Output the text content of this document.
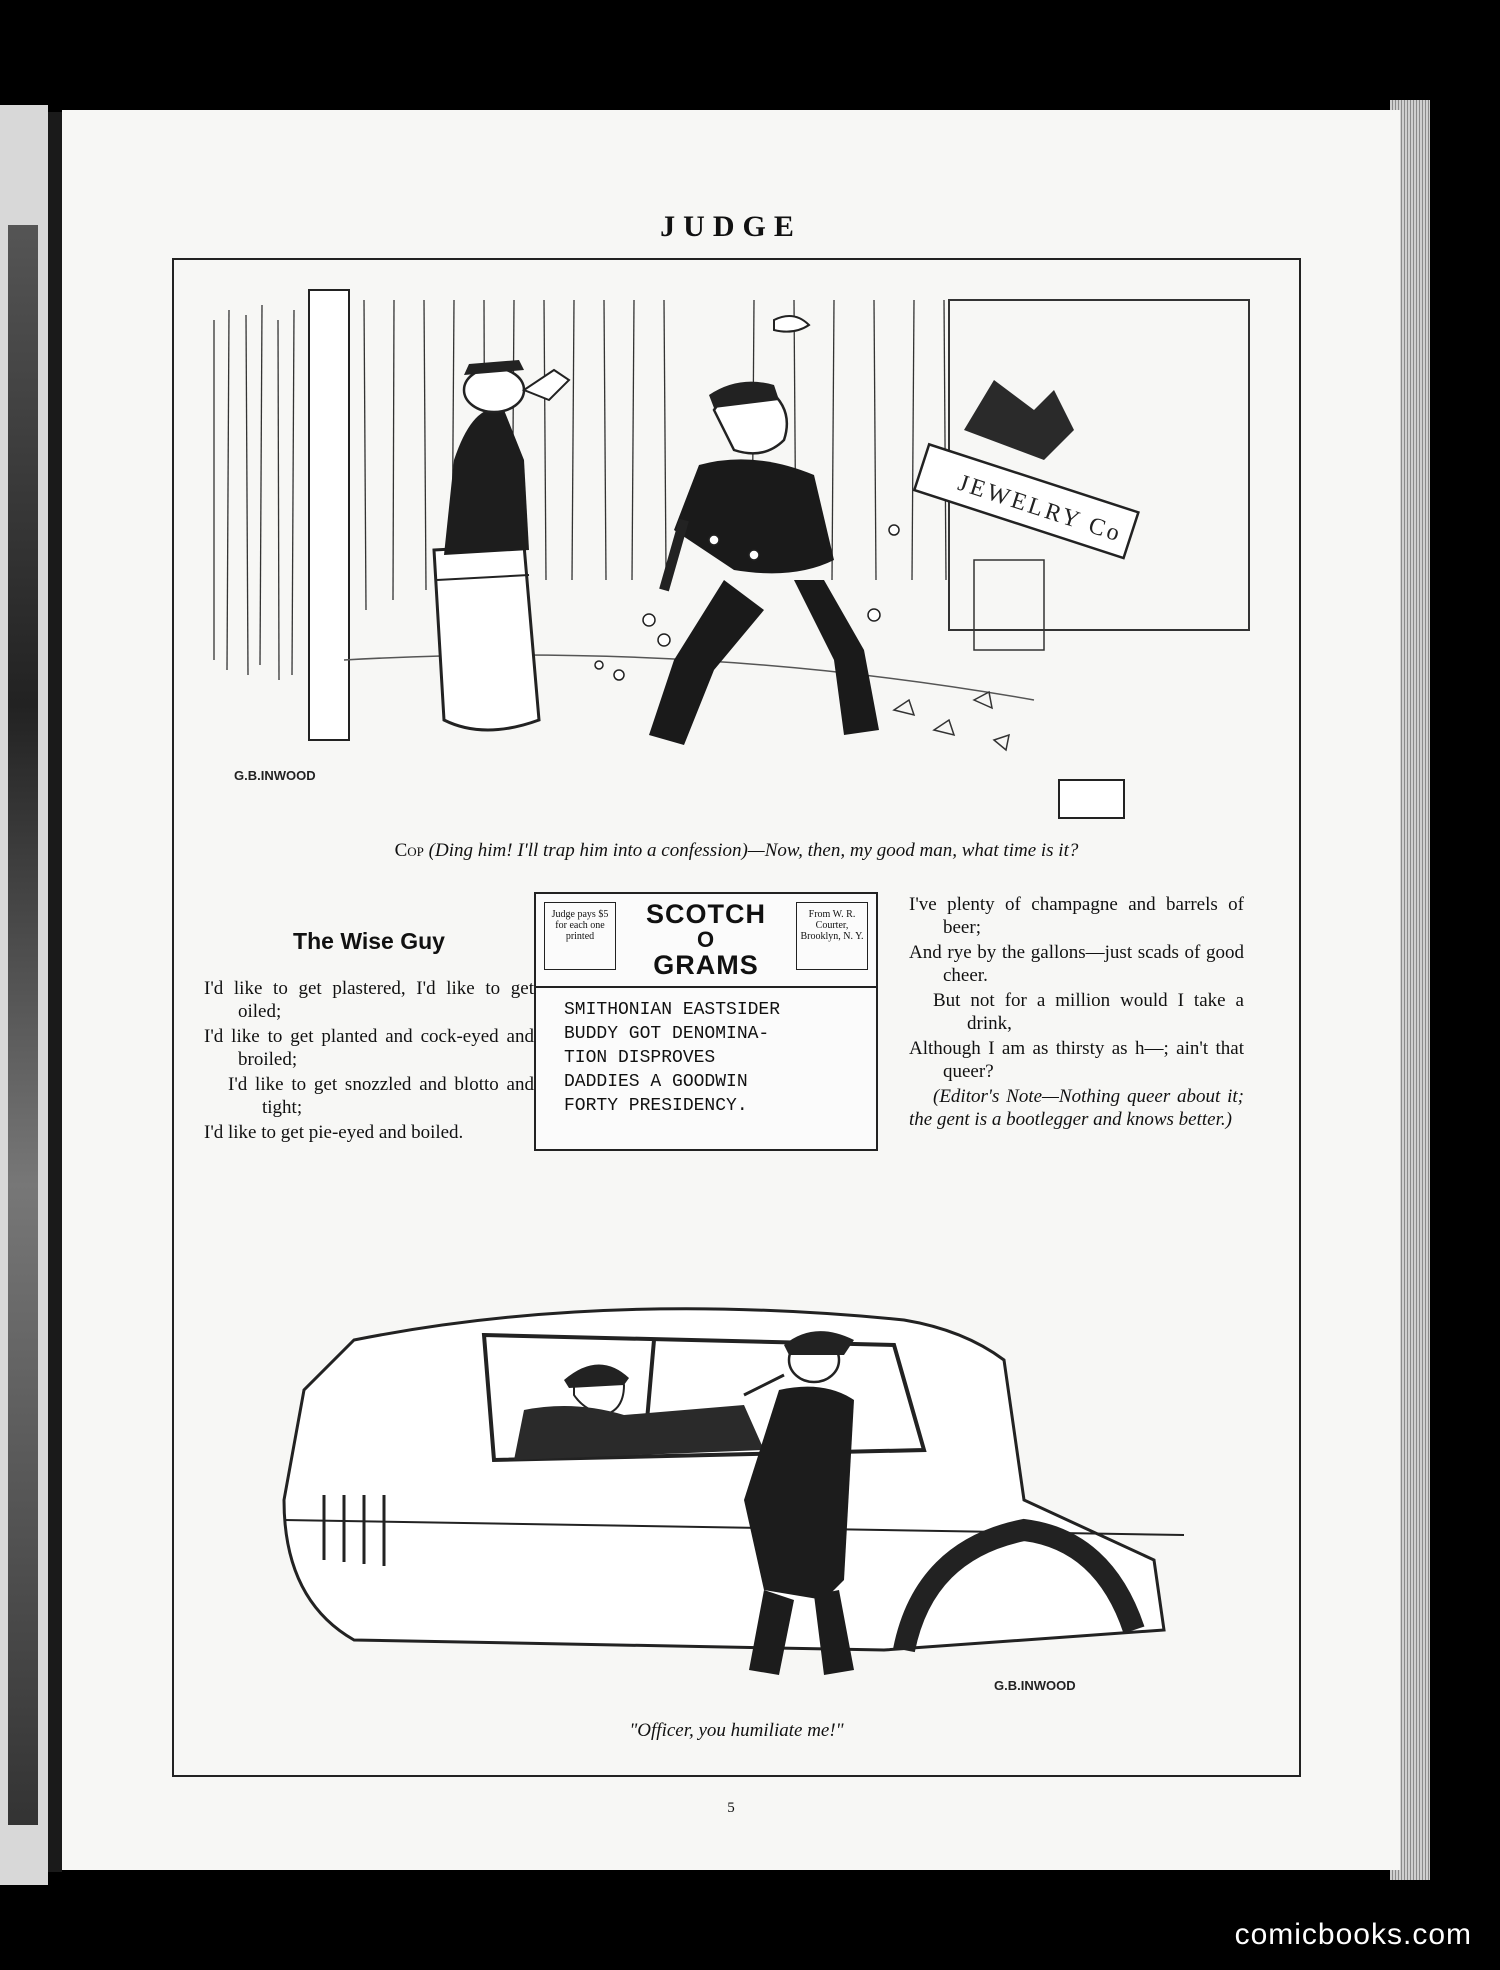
JUDGE
JEWELRY Co
G.B.INWOOD
Cop (Ding him! I'll trap him into a confession)—Now, then, my good man, what time is it?
The Wise Guy

I'd like to get plastered, I'd like to get oiled;

I'd like to get planted and cock-eyed and broiled;

I'd like to get snozzled and blotto and tight;

I'd like to get pie-eyed and boiled.

Judge pays $5 for each one printed
SCOTCH
O
GRAMS
From W. R. Courter, Brooklyn, N. Y.
SMITHONIAN EASTSIDER
BUDDY GOT DENOMINA-
TION DISPROVES
DADDIES A GOODWIN
FORTY PRESIDENCY.

I've plenty of champagne and barrels of beer;

And rye by the gallons—just scads of good cheer.

But not for a million would I take a drink,

Although I am as thirsty as h—; ain't that queer?

(Editor's Note—Nothing queer about it; the gent is a bootlegger and knows better.)

G.B.INWOOD
"Officer, you humiliate me!"
5
comicbooks.com
